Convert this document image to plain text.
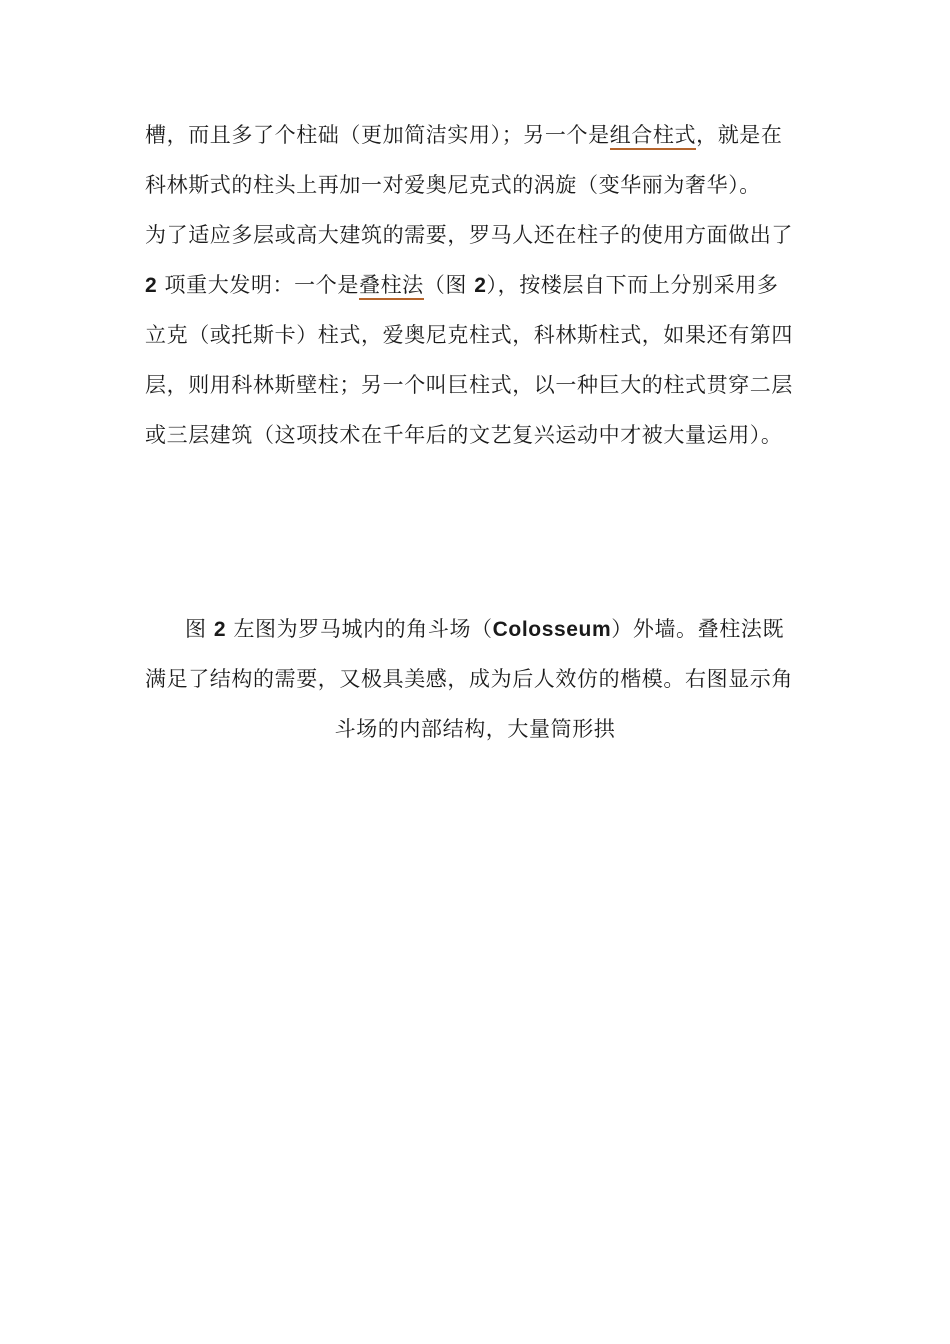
槽，而且多了个柱础（更加简洁实用）；另一个是组合柱式，就是在
科林斯式的柱头上再加一对爱奥尼克式的涡旋（变华丽为奢华）。
为了适应多层或高大建筑的需要，罗马人还在柱子的使用方面做出了
2 项重大发明：一个是叠柱法（图 2），按楼层自下而上分别采用多
立克（或托斯卡）柱式，爱奥尼克柱式，科林斯柱式，如果还有第四
层，则用科林斯壁柱；另一个叫巨柱式，以一种巨大的柱式贯穿二层
或三层建筑（这项技术在千年后的文艺复兴运动中才被大量运用）。
图 2 左图为罗马城内的角斗场（Colosseum）外墙。叠柱法既
满足了结构的需要，又极具美感，成为后人效仿的楷模。右图显示角
斗场的内部结构，大量筒形拱
